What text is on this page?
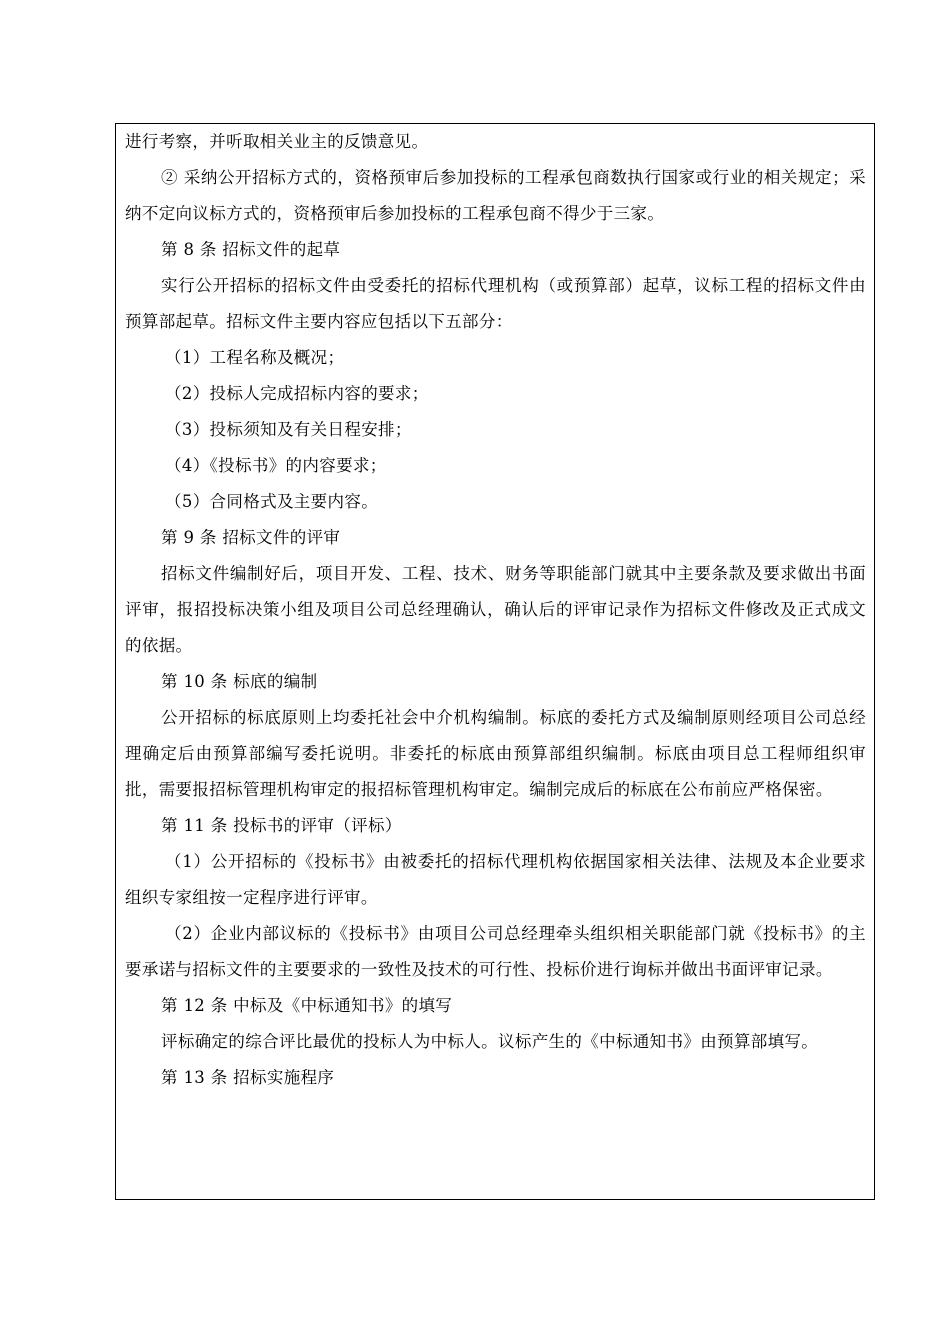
进行考察，并听取相关业主的反馈意见。

② 采纳公开招标方式的，资格预审后参加投标的工程承包商数执行国家或行业的相关规定；采纳不定向议标方式的，资格预审后参加投标的工程承包商不得少于三家。

第 8 条 招标文件的起草

实行公开招标的招标文件由受委托的招标代理机构（或预算部）起草，议标工程的招标文件由预算部起草。招标文件主要内容应包括以下五部分：

（1）工程名称及概况；

（2）投标人完成招标内容的要求；

（3）投标须知及有关日程安排；

（4）《投标书》的内容要求；

（5）合同格式及主要内容。

第 9 条 招标文件的评审

招标文件编制好后，项目开发、工程、技术、财务等职能部门就其中主要条款及要求做出书面评审，报招投标决策小组及项目公司总经理确认，确认后的评审记录作为招标文件修改及正式成文的依据。

第 10 条 标底的编制

公开招标的标底原则上均委托社会中介机构编制。标底的委托方式及编制原则经项目公司总经理确定后由预算部编写委托说明。非委托的标底由预算部组织编制。标底由项目总工程师组织审批，需要报招标管理机构审定的报招标管理机构审定。编制完成后的标底在公布前应严格保密。

第 11 条 投标书的评审（评标）

（1）公开招标的《投标书》由被委托的招标代理机构依据国家相关法律、法规及本企业要求组织专家组按一定程序进行评审。

（2）企业内部议标的《投标书》由项目公司总经理牵头组织相关职能部门就《投标书》的主要承诺与招标文件的主要要求的一致性及技术的可行性、投标价进行询标并做出书面评审记录。

第 12 条 中标及《中标通知书》的填写

评标确定的综合评比最优的投标人为中标人。议标产生的《中标通知书》由预算部填写。

第 13 条 招标实施程序
